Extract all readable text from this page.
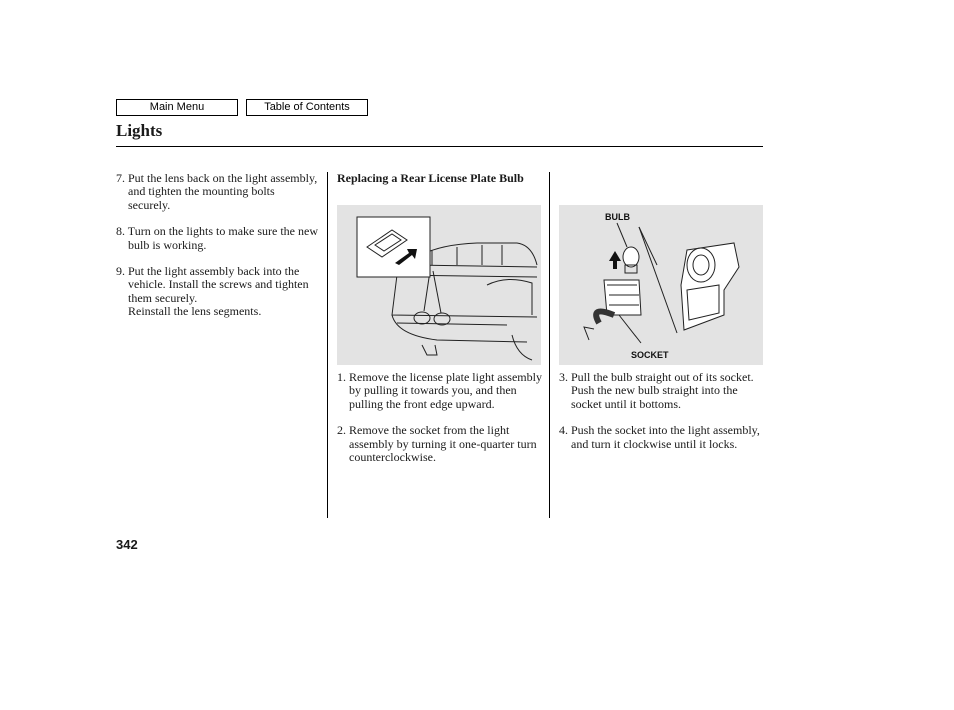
Main Menu	Table of Contents
Lights

7. Put the lens back on the light assembly, and tighten the mounting bolts securely.

8. Turn on the lights to make sure the new bulb is working.

9. Put the light assembly back into the vehicle. Install the screws and tighten them securely.
Reinstall the lens segments.

Replacing a Rear License Plate Bulb

1. Remove the license plate light assembly by pulling it towards you, and then pulling the front edge upward.

2. Remove the socket from the light assembly by turning it one-quarter turn counterclockwise.

BULB
SOCKET

3. Pull the bulb straight out of its socket. Push the new bulb straight into the socket until it bottoms.

4. Push the socket into the light assembly, and turn it clockwise until it locks.

342
